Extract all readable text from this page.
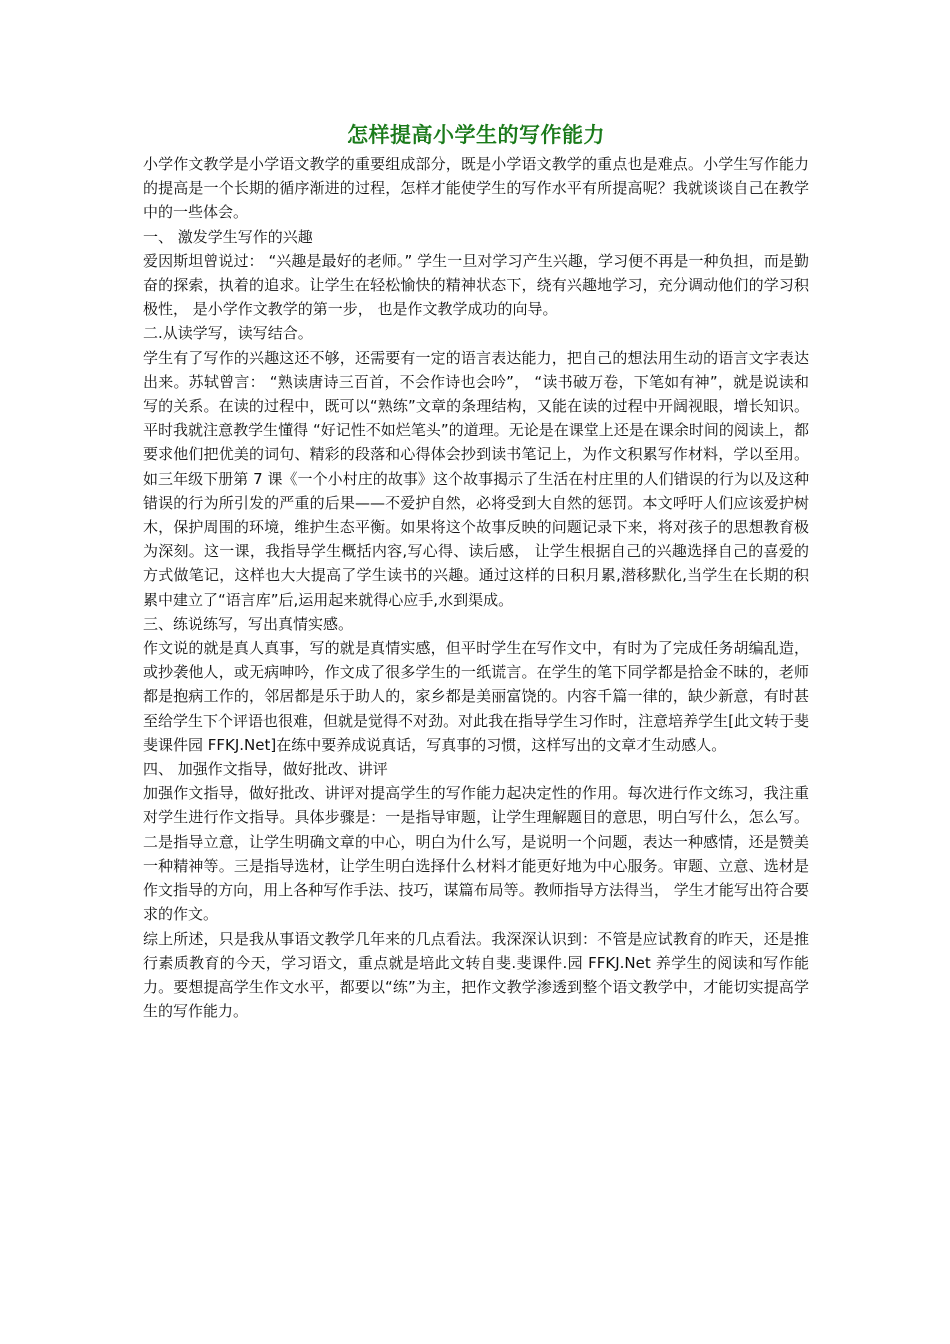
怎样提高小学生的写作能力

小学作文教学是小学语文教学的重要组成部分，既是小学语文教学的重点也是难点。小学生写作能力的提高是一个长期的循序渐进的过程，怎样才能使学生的写作水平有所提高呢？我就谈谈自己在教学中的一些体会。

一、 激发学生写作的兴趣

爱因斯坦曾说过： “兴趣是最好的老师。” 学生一旦对学习产生兴趣，学习便不再是一种负担，而是勤奋的探索，执着的追求。让学生在轻松愉快的精神状态下，绕有兴趣地学习，充分调动他们的学习积极性， 是小学作文教学的第一步， 也是作文教学成功的向导。

二.从读学写，读写结合。

学生有了写作的兴趣这还不够，还需要有一定的语言表达能力，把自己的想法用生动的语言文字表达出来。苏轼曾言： “熟读唐诗三百首，不会作诗也会吟”， “读书破万卷，下笔如有神”，就是说读和写的关系。在读的过程中，既可以“熟练”文章的条理结构，又能在读的过程中开阔视眼，增长知识。平时我就注意教学生懂得 “好记性不如烂笔头”的道理。无论是在课堂上还是在课余时间的阅读上，都要求他们把优美的词句、精彩的段落和心得体会抄到读书笔记上，为作文积累写作材料，学以至用。如三年级下册第 7 课《一个小村庄的故事》这个故事揭示了生活在村庄里的人们错误的行为以及这种错误的行为所引发的严重的后果——不爱护自然，必将受到大自然的惩罚。本文呼吁人们应该爱护树木，保护周围的环境，维护生态平衡。如果将这个故事反映的问题记录下来，将对孩子的思想教育极为深刻。这一课，我指导学生概括内容,写心得、读后感， 让学生根据自己的兴趣选择自己的喜爱的方式做笔记，这样也大大提高了学生读书的兴趣。通过这样的日积月累,潜移默化,当学生在长期的积累中建立了“语言库”后,运用起来就得心应手,水到渠成。

三、练说练写，写出真情实感。

作文说的就是真人真事，写的就是真情实感，但平时学生在写作文中，有时为了完成任务胡编乱造，或抄袭他人，或无病呻吟，作文成了很多学生的一纸谎言。在学生的笔下同学都是拾金不昧的，老师都是抱病工作的，邻居都是乐于助人的，家乡都是美丽富饶的。内容千篇一律的，缺少新意，有时甚至给学生下个评语也很难，但就是觉得不对劲。对此我在指导学生习作时，注意培养学生[此文转于斐斐课件园 FFKJ.Net]在练中要养成说真话，写真事的习惯，这样写出的文章才生动感人。

四、 加强作文指导，做好批改、讲评

加强作文指导，做好批改、讲评对提高学生的写作能力起决定性的作用。每次进行作文练习，我注重对学生进行作文指导。具体步骤是：一是指导审题，让学生理解题目的意思，明白写什么，怎么写。二是指导立意，让学生明确文章的中心，明白为什么写，是说明一个问题，表达一种感情，还是赞美一种精神等。三是指导选材，让学生明白选择什么材料才能更好地为中心服务。审题、立意、选材是作文指导的方向，用上各种写作手法、技巧，谋篇布局等。教师指导方法得当， 学生才能写出符合要求的作文。

综上所述，只是我从事语文教学几年来的几点看法。我深深认识到：不管是应试教育的昨天，还是推行素质教育的今天，学习语文，重点就是培此文转自斐.斐课件.园 FFKJ.Net 养学生的阅读和写作能力。要想提高学生作文水平，都要以“练”为主，把作文教学渗透到整个语文教学中，才能切实提高学生的写作能力。
